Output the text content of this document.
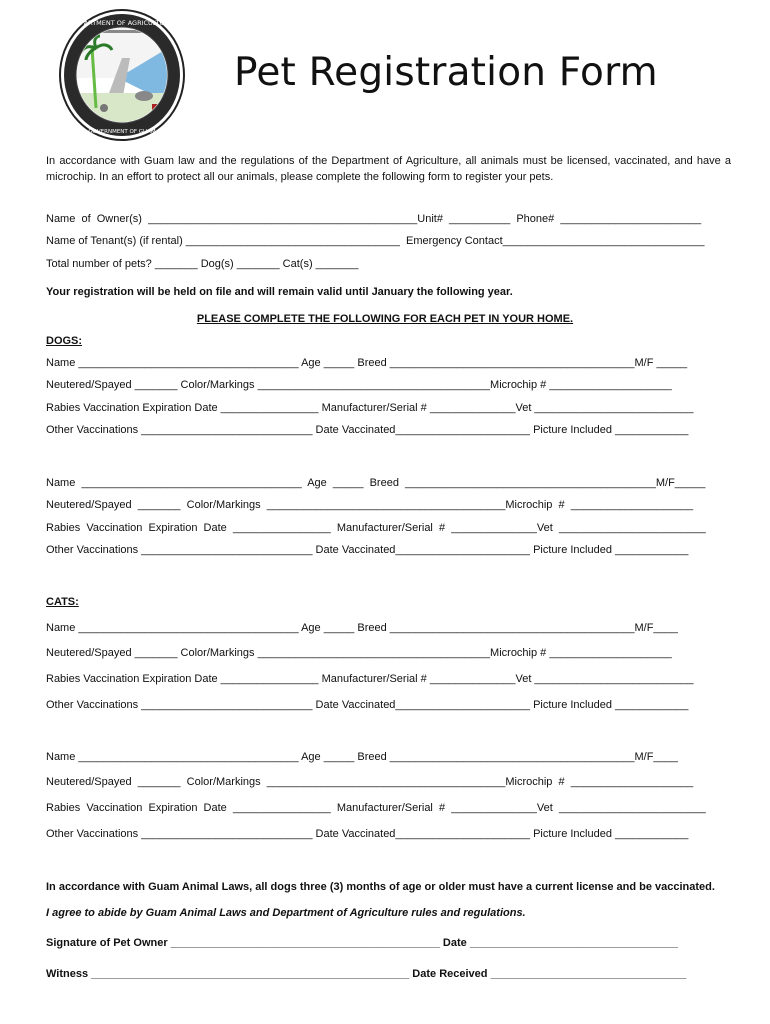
DEPARTMENT OF AGRICULTURE
GOVERNMENT OF GUAM
Pet Registration Form
In accordance with Guam law and the regulations of the Department of Agriculture, all animals must be licensed, vaccinated, and have a microchip. In an effort to protect all our animals, please complete the following form to register your pets.
Name  of  Owner(s)  ____________________________________________Unit#  __________  Phone#  _______________________
Name of Tenant(s) (if rental) ___________________________________  Emergency Contact_________________________________
Total number of pets? _______ Dog(s) _______ Cat(s) _______
Your registration will be held on file and will remain valid until January the following year.
PLEASE COMPLETE THE FOLLOWING FOR EACH PET IN YOUR HOME.
DOGS:
Name ____________________________________ Age _____ Breed ________________________________________M/F _____
Neutered/Spayed _______ Color/Markings ______________________________________Microchip # ____________________
Rabies Vaccination Expiration Date ________________ Manufacturer/Serial # ______________Vet __________________________
Other Vaccinations ____________________________ Date Vaccinated______________________ Picture Included ____________
Name  ____________________________________  Age  _____  Breed  _________________________________________M/F_____
Neutered/Spayed  _______  Color/Markings  _______________________________________Microchip  #  ____________________
Rabies  Vaccination  Expiration  Date  ________________  Manufacturer/Serial  #  ______________Vet  ________________________
Other Vaccinations ____________________________ Date Vaccinated______________________ Picture Included ____________
CATS:
Name ____________________________________ Age _____ Breed ________________________________________M/F____
Neutered/Spayed _______ Color/Markings ______________________________________Microchip # ____________________
Rabies Vaccination Expiration Date ________________ Manufacturer/Serial # ______________Vet __________________________
Other Vaccinations ____________________________ Date Vaccinated______________________ Picture Included ____________
Name ____________________________________ Age _____ Breed ________________________________________M/F____
Neutered/Spayed  _______  Color/Markings  _______________________________________Microchip  #  ____________________
Rabies  Vaccination  Expiration  Date  ________________  Manufacturer/Serial  #  ______________Vet  ________________________
Other Vaccinations ____________________________ Date Vaccinated______________________ Picture Included ____________
In accordance with Guam Animal Laws, all dogs three (3) months of age or older must have a current license and be vaccinated.
I agree to abide by Guam Animal Laws and Department of Agriculture rules and regulations.
Signature of Pet Owner ____________________________________________ Date __________________________________
Witness ____________________________________________________ Date Received ________________________________
